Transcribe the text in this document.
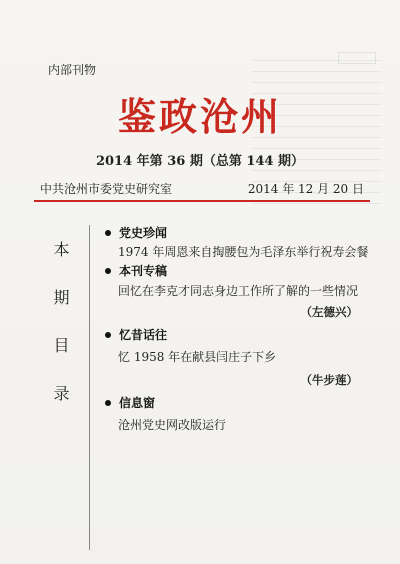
内部刊物
鉴政沧州
2014 年第 36 期（总第 144 期）
中共沧州市委党史研究室	2014 年 12 月 20 日
本
期
目
录
党史珍闻
1974 年周恩来自掏腰包为毛泽东举行祝寿会餐
本刊专稿
回忆在李克才同志身边工作所了解的一些情况
（左德兴）
忆昔话往
忆 1958 年在献县闫庄子下乡
（牛步莲）
信息窗
沧州党史网改版运行
